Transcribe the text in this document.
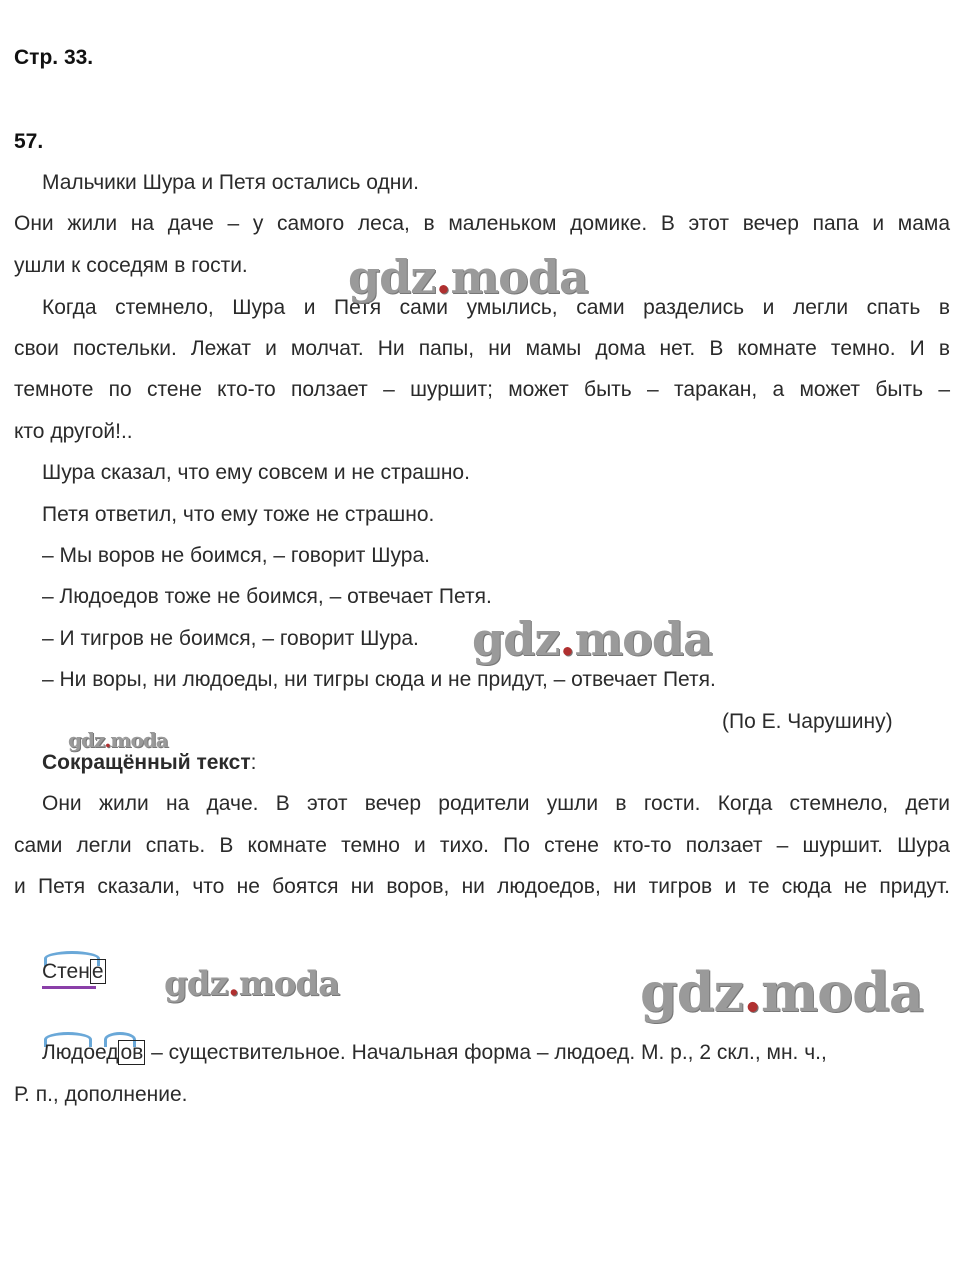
Стр. 33.
57.
Мальчики Шура и Петя остались одни.
Они жили на даче – у самого леса, в маленьком домике. В этот вечер папа и мама
ушли к соседям в гости.
Когда стемнело, Шура и Петя сами умылись, сами разделись и легли спать в
свои постельки. Лежат и молчат. Ни папы, ни мамы дома нет. В комнате темно. И в
темноте по стене кто-то ползает – шуршит; может быть – таракан, а может быть –
кто другой!..
Шура сказал, что ему совсем и не страшно.
Петя ответил, что ему тоже не страшно.
– Мы воров не боимся, – говорит Шура.
– Людоедов тоже не боимся, – отвечает Петя.
– И тигров не боимся, – говорит Шура.
– Ни воры, ни людоеды, ни тигры сюда и не придут, – отвечает Петя.
(По Е. Чарушину)
Сокращённый текст:
Они жили на даче. В этот вечер родители ушли в гости. Когда стемнело, дети
сами легли спать. В комнате темно и тихо. По стене кто-то ползает – шуршит. Шура
и Петя сказали, что не боятся ни воров, ни людоедов, ни тигров и те сюда не придут.
Стене
Людоедов – существительное. Начальная форма – людоед. М. р., 2 скл., мн. ч.,
Р. п., дополнение.
gdz.moda
gdz.moda
gdz.moda
gdz.moda	gdz.moda
